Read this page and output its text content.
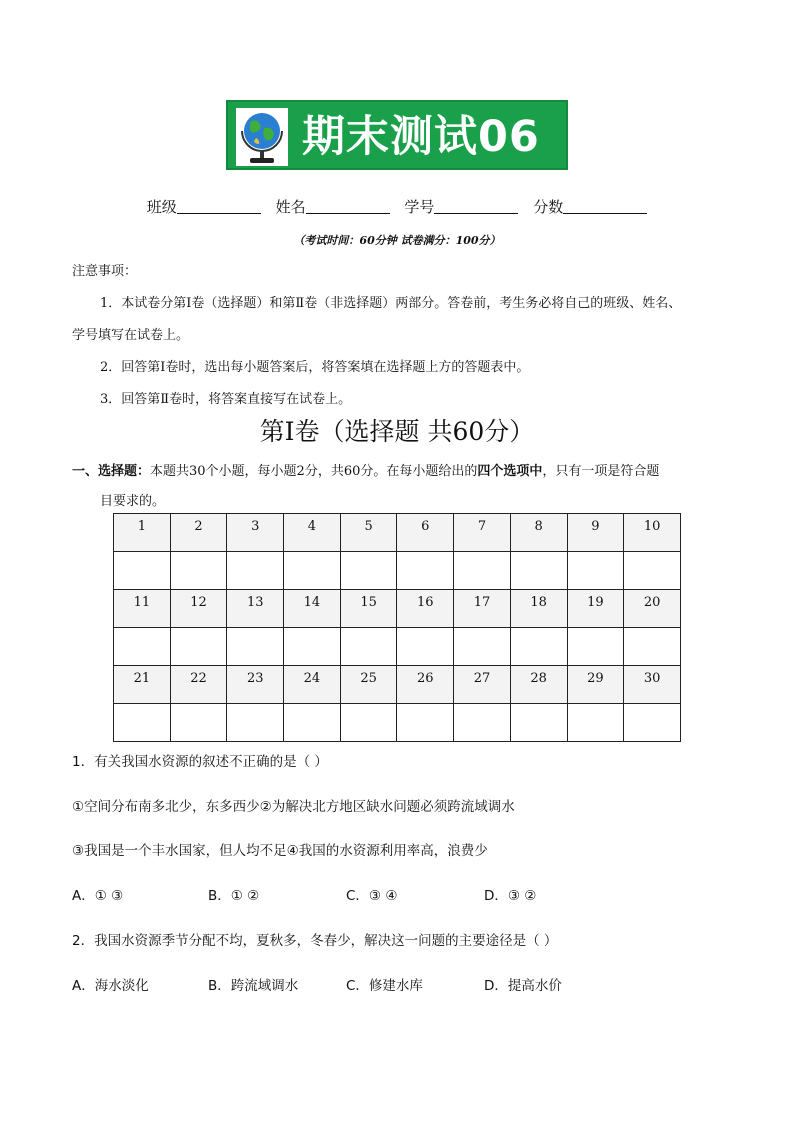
期末测试06
班级	姓名	学号	分数
（考试时间：60分钟 试卷满分：100分）
注意事项：
1．本试卷分第Ⅰ卷（选择题）和第Ⅱ卷（非选择题）两部分。答卷前，考生务必将自己的班级、姓名、
学号填写在试卷上。
2．回答第Ⅰ卷时，选出每小题答案后，将答案填在选择题上方的答题表中。
3．回答第Ⅱ卷时，将答案直接写在试卷上。
第Ⅰ卷（选择题 共60分）
一、选择题：本题共30个小题，每小题2分，共60分。在每小题给出的四个选项中，只有一项是符合题
目要求的。
1	2	3	4	5	6	7	8	9	10

11	12	13	14	15	16	17	18	19	20

21	22	23	24	25	26	27	28	29	30

1．有关我国水资源的叙述不正确的是（ ）
①空间分布南多北少，东多西少②为解决北方地区缺水问题必须跨流域调水
③我国是一个丰水国家，但人均不足④我国的水资源利用率高，浪费少
A．① ③	B．① ②	C．③ ④	D．③ ②
2．我国水资源季节分配不均，夏秋多，冬春少，解决这一问题的主要途径是（ ）
A．海水淡化	B．跨流域调水	C．修建水库	D．提高水价
